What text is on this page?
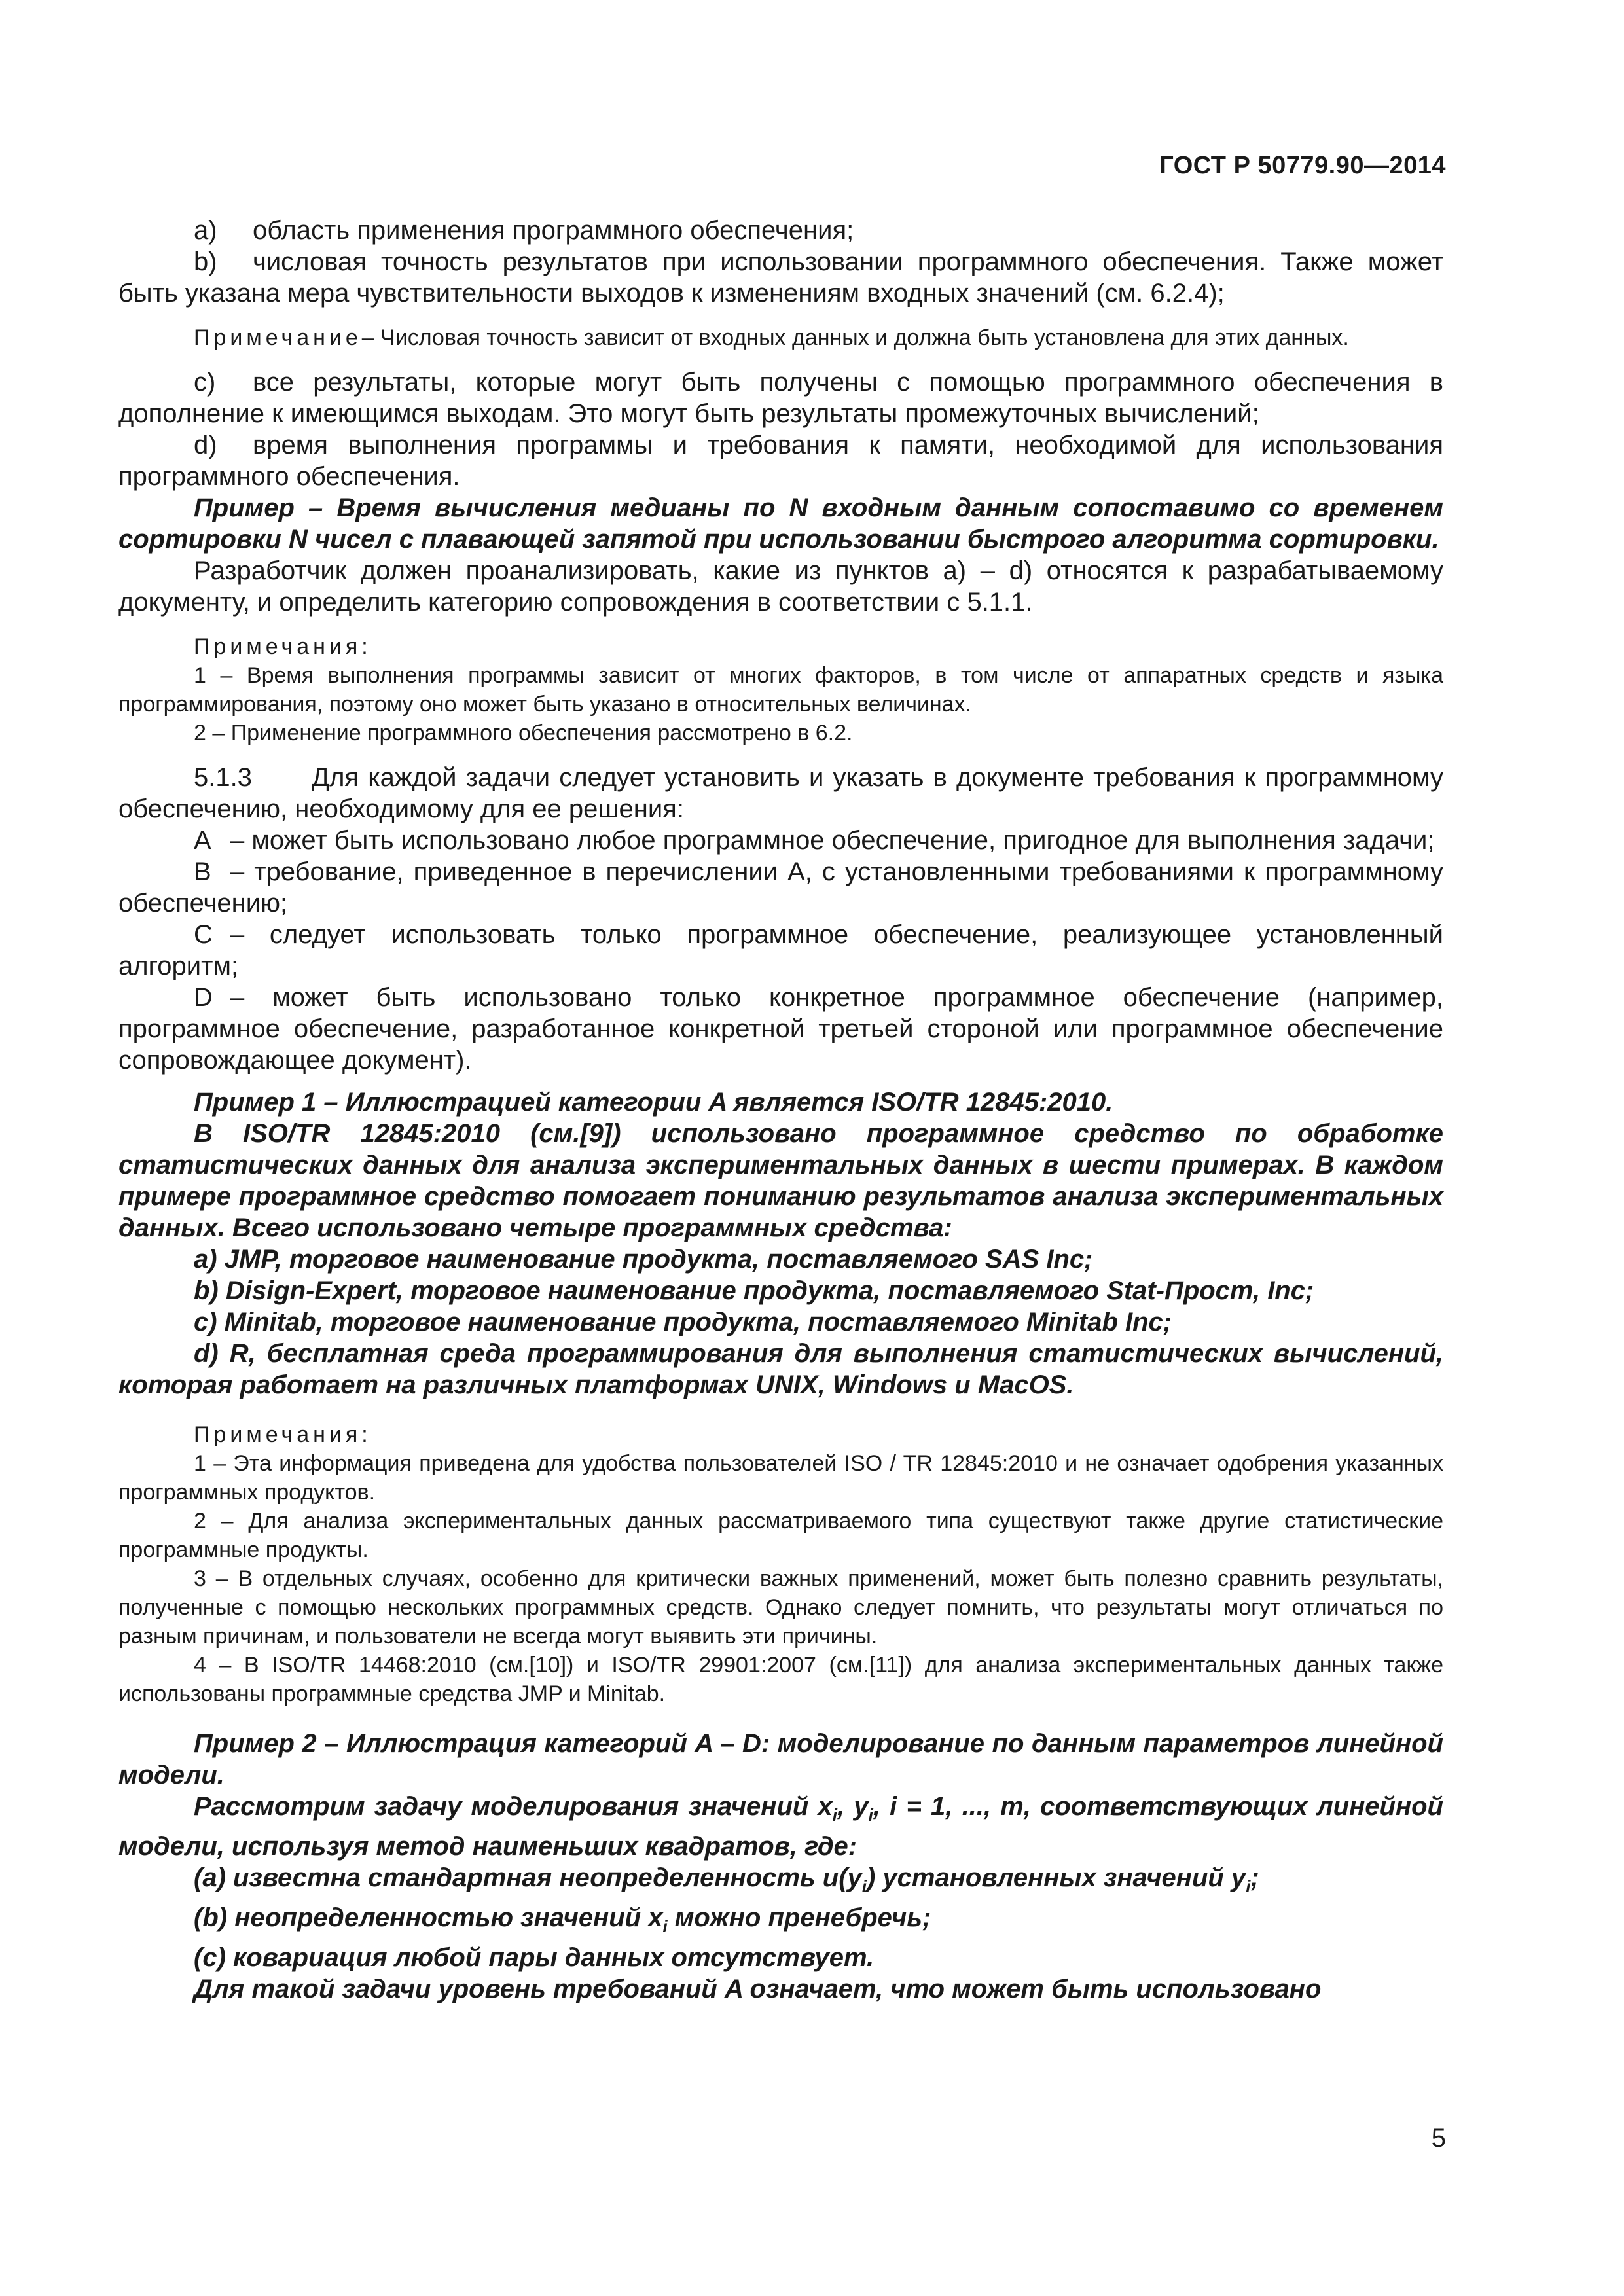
ГОСТ Р 50779.90—2014

a) область применения программного обеспечения;

b) числовая точность результатов при использовании программного обеспечения. Также может быть указана мера чувствительности выходов к изменениям входных значений (см. 6.2.4);

Примечание– Числовая точность зависит от входных данных и должна быть установлена для этих данных.

c) все результаты, которые могут быть получены с помощью программного обеспечения в дополнение к имеющимся выходам. Это могут быть результаты промежуточных вычислений;

d) время выполнения программы и требования к памяти, необходимой для использования программного обеспечения.

Пример – Время вычисления медианы по N входным данным сопоставимо со временем сортировки N чисел с плавающей запятой при использовании быстрого алгоритма сортировки.

Разработчик должен проанализировать, какие из пунктов a) – d) относятся к разрабатываемому документу, и определить категорию сопровождения в соответствии с 5.1.1.

Примечания:

1 – Время выполнения программы зависит от многих факторов, в том числе от аппаратных средств и языка программирования, поэтому оно может быть указано в относительных величинах.

2 – Применение программного обеспечения рассмотрено в 6.2.

5.1.3 Для каждой задачи следует установить и указать в документе требования к программному обеспечению, необходимому для ее решения:

A – может быть использовано любое программное обеспечение, пригодное для выполнения задачи;

B – требование, приведенное в перечислении A, с установленными требованиями к программному обеспечению;

C – следует использовать только программное обеспечение, реализующее установленный алгоритм;

D – может быть использовано только конкретное программное обеспечение (например, программное обеспечение, разработанное конкретной третьей стороной или программное обеспечение сопровождающее документ).

Пример 1 – Иллюстрацией категории A является ISO/TR 12845:2010.

В ISO/TR 12845:2010 (см.[9]) использовано программное средство по обработке статистических данных для анализа экспериментальных данных в шести примерах. В каждом примере программное средство помогает пониманию результатов анализа экспериментальных данных. Всего использовано четыре программных средства:

a) JMP, торговое наименование продукта, поставляемого SAS Inc;

b) Disign-Expert, торговое наименование продукта, поставляемого Stat-Прост, Inc;

c) Minitab, торговое наименование продукта, поставляемого Minitab Inc;

d) R, бесплатная среда программирования для выполнения статистических вычислений, которая работает на различных платформах UNIX, Windows и MacOS.

Примечания:

1 – Эта информация приведена для удобства пользователей ISO / TR 12845:2010 и не означает одобрения указанных программных продуктов.

2 – Для анализа экспериментальных данных рассматриваемого типа существуют также другие статистические программные продукты.

3 – В отдельных случаях, особенно для критически важных применений, может быть полезно сравнить результаты, полученные с помощью нескольких программных средств. Однако следует помнить, что результаты могут отличаться по разным причинам, и пользователи не всегда могут выявить эти причины.

4 – В ISO/TR 14468:2010 (см.[10]) и ISO/TR 29901:2007 (см.[11]) для анализа экспериментальных данных также использованы программные средства JMP и Minitab.

Пример 2 – Иллюстрация категорий A – D: моделирование по данным параметров линейной модели.

Рассмотрим задачу моделирования значений $x_i$, $y_i$, i = 1, ..., m, соответствующих линейной модели, используя метод наименьших квадратов, где:

(a) известна стандартная неопределенность $u(y_i)$ установленных значений $y_i$;

(b) неопределенностью значений $x_i$ можно пренебречь;

(c) ковариация любой пары данных отсутствует.

Для такой задачи уровень требований A означает, что может быть использовано

5
